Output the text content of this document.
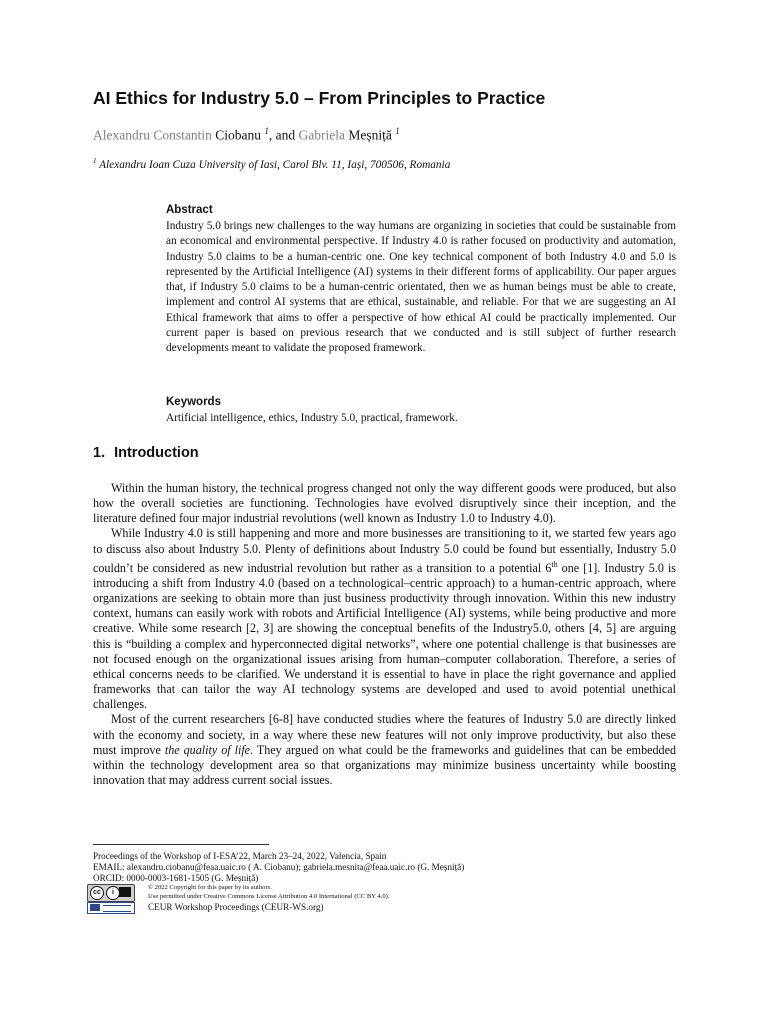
AI Ethics for Industry 5.0 – From Principles to Practice
Alexandru Constantin Ciobanu $^1$, and Gabriela Meșniță $^1$
$^1$ Alexandru Ioan Cuza University of Iasi, Carol Blv. 11, Iași, 700506, Romania
Abstract
Industry 5.0 brings new challenges to the way humans are organizing in societies that could be sustainable from an economical and environmental perspective. If Industry 4.0 is rather focused on productivity and automation, Industry 5.0 claims to be a human-centric one. One key technical component of both Industry 4.0 and 5.0 is represented by the Artificial Intelligence (AI) systems in their different forms of applicability. Our paper argues that, if Industry 5.0 claims to be a human-centric orientated, then we as human beings must be able to create, implement and control AI systems that are ethical, sustainable, and reliable. For that we are suggesting an AI Ethical framework that aims to offer a perspective of how ethical AI could be practically implemented. Our current paper is based on previous research that we conducted and is still subject of further research developments meant to validate the proposed framework.
Keywords
Artificial intelligence, ethics, Industry 5.0, practical, framework.
1. Introduction

Within the human history, the technical progress changed not only the way different goods were produced, but also how the overall societies are functioning. Technologies have evolved disruptively since their inception, and the literature defined four major industrial revolutions (well known as Industry 1.0 to Industry 4.0).

While Industry 4.0 is still happening and more and more businesses are transitioning to it, we started few years ago to discuss also about Industry 5.0. Plenty of definitions about Industry 5.0 could be found but essentially, Industry 5.0 couldn’t be considered as new industrial revolution but rather as a transition to a potential 6th one [1]. Industry 5.0 is introducing a shift from Industry 4.0 (based on a technological–centric approach) to a human-centric approach, where organizations are seeking to obtain more than just business productivity through innovation. Within this new industry context, humans can easily work with robots and Artificial Intelligence (AI) systems, while being productive and more creative. While some research [2, 3] are showing the conceptual benefits of the Industry5.0, others [4, 5] are arguing this is “building a complex and hyperconnected digital networks”, where one potential challenge is that businesses are not focused enough on the organizational issues arising from human–computer collaboration. Therefore, a series of ethical concerns needs to be clarified. We understand it is essential to have in place the right governance and applied frameworks that can tailor the way AI technology systems are developed and used to avoid potential unethical challenges.

Most of the current researchers [6-8] have conducted studies where the features of Industry 5.0 are directly linked with the economy and society, in a way where these new features will not only improve productivity, but also these must improve the quality of life. They argued on what could be the frameworks and guidelines that can be embedded within the technology development area so that organizations may minimize business uncertainty while boosting innovation that may address current social issues.

Proceedings of the Workshop of I-ESA’22, March 23–24, 2022, Valencia, Spain
EMAIL: alexandru.ciobanu@feaa.uaic.ro ( A. Ciobanu); gabriela.mesnita@feaa.uaic.ro (G. Meșniță)
ORCID: 0000-0003-1681-1505 (G. Meșniță)
cc	i
© 2022 Copyright for this paper by its authors.
Use permitted under Creative Commons License Attribution 4.0 International (CC BY 4.0).
CEUR Workshop Proceedings (CEUR-WS.org)
